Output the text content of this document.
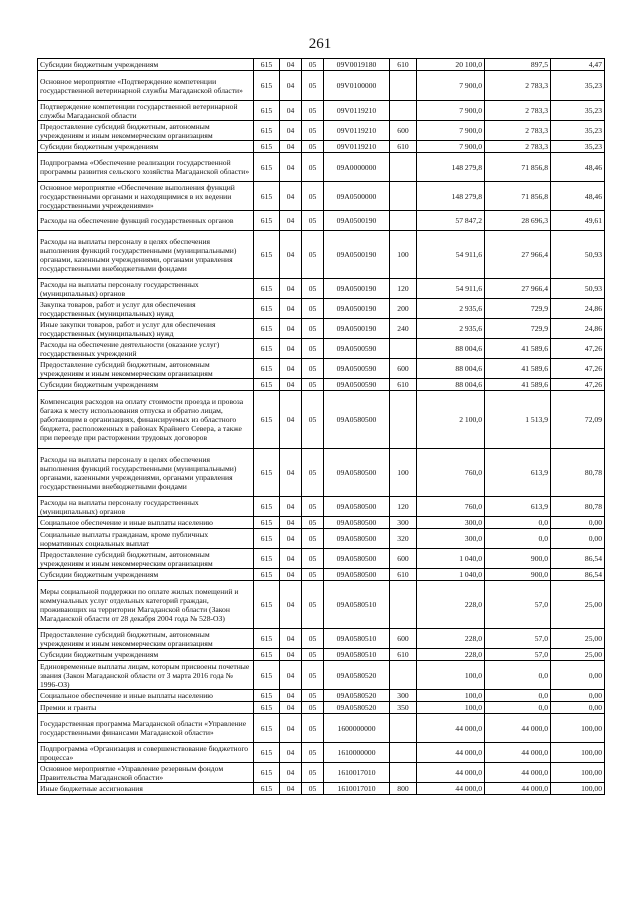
261
Субсидии бюджетным учреждениям	615	04	05	09V0019180	610	20 100,0	897,5	4,47
Основное мероприятие «Подтверждение компетенции государственной ветеринарной службы Магаданской области»	615	04	05	09V0100000		7 900,0	2 783,3	35,23
Подтверждение компетенции государственной ветеринарной службы Магаданской области	615	04	05	09V0119210		7 900,0	2 783,3	35,23
Предоставление субсидий бюджетным, автономным учреждениям и иным некоммерческим организациям	615	04	05	09V0119210	600	7 900,0	2 783,3	35,23
Субсидии бюджетным учреждениям	615	04	05	09V0119210	610	7 900,0	2 783,3	35,23
Подпрограмма «Обеспечение реализации государственной программы развития сельского хозяйства Магаданской области»	615	04	05	09А0000000		148 279,8	71 856,8	48,46
Основное мероприятие «Обеспечение выполнения функций государственными органами и находящимися в их ведении государственными учреждениями»	615	04	05	09А0500000		148 279,8	71 856,8	48,46
Расходы на обеспечение функций государственных органов	615	04	05	09А0500190		57 847,2	28 696,3	49,61
Расходы на выплаты персоналу в целях обеспечения выполнения функций государственными (муниципальными) органами, казенными учреждениями, органами управления государственными внебюджетными фондами	615	04	05	09А0500190	100	54 911,6	27 966,4	50,93
Расходы на выплаты персоналу государственных (муниципальных) органов	615	04	05	09А0500190	120	54 911,6	27 966,4	50,93
Закупка товаров, работ и услуг для обеспечения государственных (муниципальных) нужд	615	04	05	09А0500190	200	2 935,6	729,9	24,86
Иные закупки товаров, работ и услуг для обеспечения государственных (муниципальных) нужд	615	04	05	09А0500190	240	2 935,6	729,9	24,86
Расходы на обеспечение деятельности (оказание услуг) государственных учреждений	615	04	05	09А0500590		88 004,6	41 589,6	47,26
Предоставление субсидий бюджетным, автономным учреждениям и иным некоммерческим организациям	615	04	05	09А0500590	600	88 004,6	41 589,6	47,26
Субсидии бюджетным учреждениям	615	04	05	09А0500590	610	88 004,6	41 589,6	47,26
Компенсация расходов на оплату стоимости проезда и провоза багажа к месту использования отпуска и обратно лицам, работающим в организациях, финансируемых из областного бюджета, расположенных в районах Крайнего Севера, а также при переезде при расторжении трудовых договоров	615	04	05	09А0580500		2 100,0	1 513,9	72,09
Расходы на выплаты персоналу в целях обеспечения выполнения функций государственными (муниципальными) органами, казенными учреждениями, органами управления государственными внебюджетными фондами	615	04	05	09А0580500	100	760,0	613,9	80,78
Расходы на выплаты персоналу государственных (муниципальных) органов	615	04	05	09А0580500	120	760,0	613,9	80,78
Социальное обеспечение и иные выплаты населению	615	04	05	09А0580500	300	300,0	0,0	0,00
Социальные выплаты гражданам, кроме публичных нормативных социальных выплат	615	04	05	09А0580500	320	300,0	0,0	0,00
Предоставление субсидий бюджетным, автономным учреждениям и иным некоммерческим организациям	615	04	05	09А0580500	600	1 040,0	900,0	86,54
Субсидии бюджетным учреждениям	615	04	05	09А0580500	610	1 040,0	900,0	86,54
Меры социальной поддержки по оплате жилых помещений и коммунальных услуг отдельных категорий граждан, проживающих на территории Магаданской области (Закон Магаданской области от 28 декабря 2004 года № 528-ОЗ)	615	04	05	09А0580510		228,0	57,0	25,00
Предоставление субсидий бюджетным, автономным учреждениям и иным некоммерческим организациям	615	04	05	09А0580510	600	228,0	57,0	25,00
Субсидии бюджетным учреждениям	615	04	05	09А0580510	610	228,0	57,0	25,00
Единовременные выплаты лицам, которым присвоены почетные звания (Закон Магаданской области от 3 марта 2016 года № 1996-ОЗ)	615	04	05	09А0580520		100,0	0,0	0,00
Социальное обеспечение и иные выплаты населению	615	04	05	09А0580520	300	100,0	0,0	0,00
Премии и гранты	615	04	05	09А0580520	350	100,0	0,0	0,00
Государственная программа Магаданской области «Управление государственными финансами Магаданской области»	615	04	05	1600000000		44 000,0	44 000,0	100,00
Подпрограмма «Организация и совершенствование бюджетного процесса»	615	04	05	1610000000		44 000,0	44 000,0	100,00
Основное мероприятие «Управление резервным фондом Правительства Магаданской области»	615	04	05	1610017010		44 000,0	44 000,0	100,00
Иные бюджетные ассигнования	615	04	05	1610017010	800	44 000,0	44 000,0	100,00
